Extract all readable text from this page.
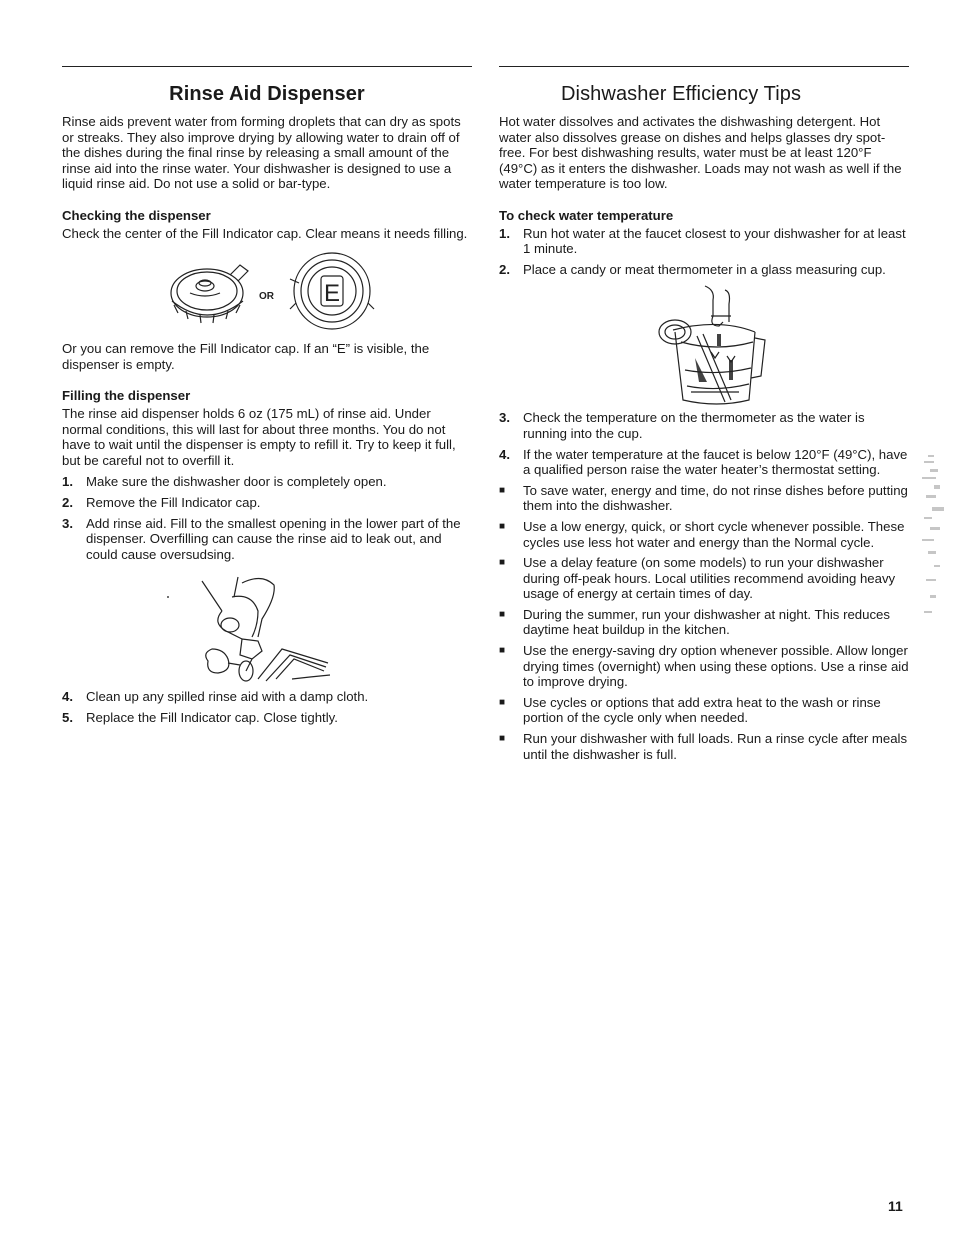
Rinse Aid Dispenser

Rinse aids prevent water from forming droplets that can dry as spots or streaks. They also improve drying by allowing water to drain off of the dishes during the final rinse by releasing a small amount of the rinse aid into the rinse water. Your dishwasher is designed to use a liquid rinse aid. Do not use a solid or bar-type.

Checking the dispenser

Check the center of the Fill Indicator cap. Clear means it needs filling.

OR E

Or you can remove the Fill Indicator cap. If an “E” is visible, the dispenser is empty.

Filling the dispenser

The rinse aid dispenser holds 6 oz (175 mL) of rinse aid. Under normal conditions, this will last for about three months. You do not have to wait until the dispenser is empty to refill it. Try to keep it full, but be careful not to overfill it.

1. Make sure the dishwasher door is completely open.
2. Remove the Fill Indicator cap.
3. Add rinse aid. Fill to the smallest opening in the lower part of the dispenser. Overfilling can cause the rinse aid to leak out, and could cause oversudsing.
4. Clean up any spilled rinse aid with a damp cloth.
5. Replace the Fill Indicator cap. Close tightly.
Dishwasher Efficiency Tips

Hot water dissolves and activates the dishwashing detergent. Hot water also dissolves grease on dishes and helps glasses dry spot-free. For best dishwashing results, water must be at least 120°F (49°C) as it enters the dishwasher. Loads may not wash as well if the water temperature is too low.

To check water temperature
1. Run hot water at the faucet closest to your dishwasher for at least 1 minute.
2. Place a candy or meat thermometer in a glass measuring cup.
3. Check the temperature on the thermometer as the water is running into the cup.
4. If the water temperature at the faucet is below 120°F (49°C), have a qualified person raise the water heater’s thermostat setting.
■	To save water, energy and time, do not rinse dishes before putting them into the dishwasher.
■	Use a low energy, quick, or short cycle whenever possible. These cycles use less hot water and energy than the Normal cycle.
■	Use a delay feature (on some models) to run your dishwasher during off-peak hours. Local utilities recommend avoiding heavy usage of energy at certain times of day.
■	During the summer, run your dishwasher at night. This reduces daytime heat buildup in the kitchen.
■	Use the energy-saving dry option whenever possible. Allow longer drying times (overnight) when using these options. Use a rinse aid to improve drying.
■	Use cycles or options that add extra heat to the wash or rinse portion of the cycle only when needed.
■	Run your dishwasher with full loads. Run a rinse cycle after meals until the dishwasher is full.
11
